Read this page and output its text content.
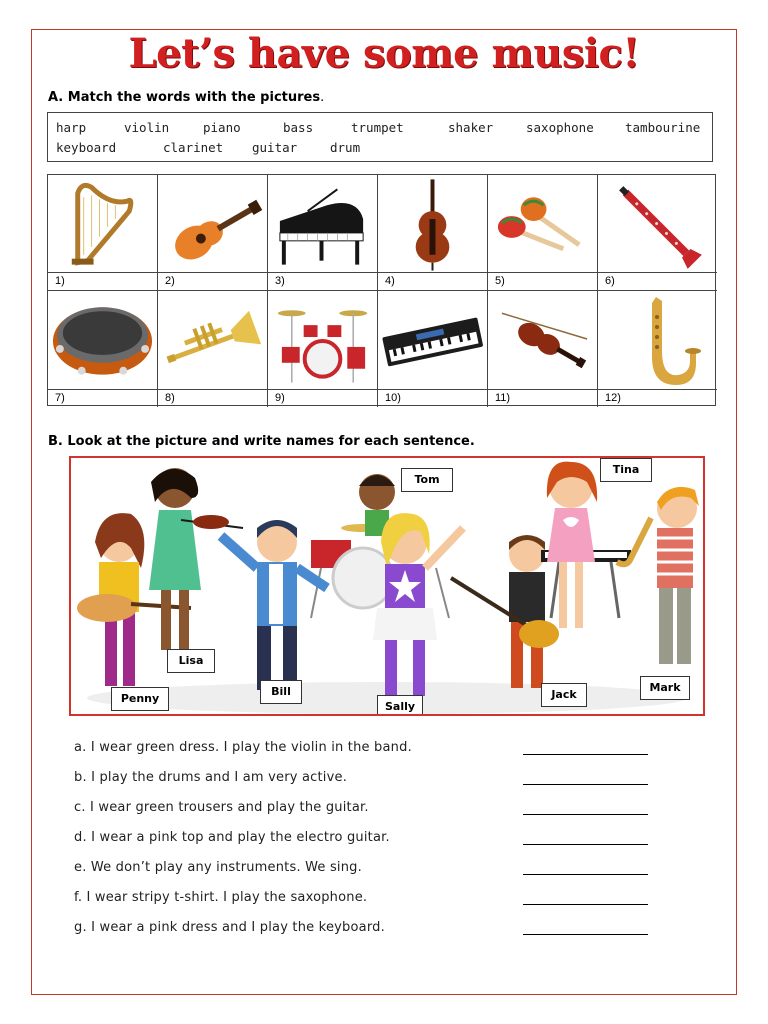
Let’s have some music!
A. Match the words with the pictures.
harp	violin	piano	bass	trumpet	shaker	saxophone	tambourine
keyboard	clarinet guitar	drum
1)	2)	3)	4)	5)	6)
7)	8)	9)	10)	11)	12)
B. Look at the picture and write names for each sentence.
Tom
Tina
Lisa
Penny
Bill
Sally
Jack
Mark
a. I wear green dress. I play the violin in the band.
b. I play the drums and I am very active.
c. I wear green trousers and play the guitar.
d. I wear a pink top and play the electro guitar.
e. We don’t play any instruments. We sing.
f. I wear stripy t-shirt. I play the saxophone.
g. I wear a pink dress and I play the keyboard.
